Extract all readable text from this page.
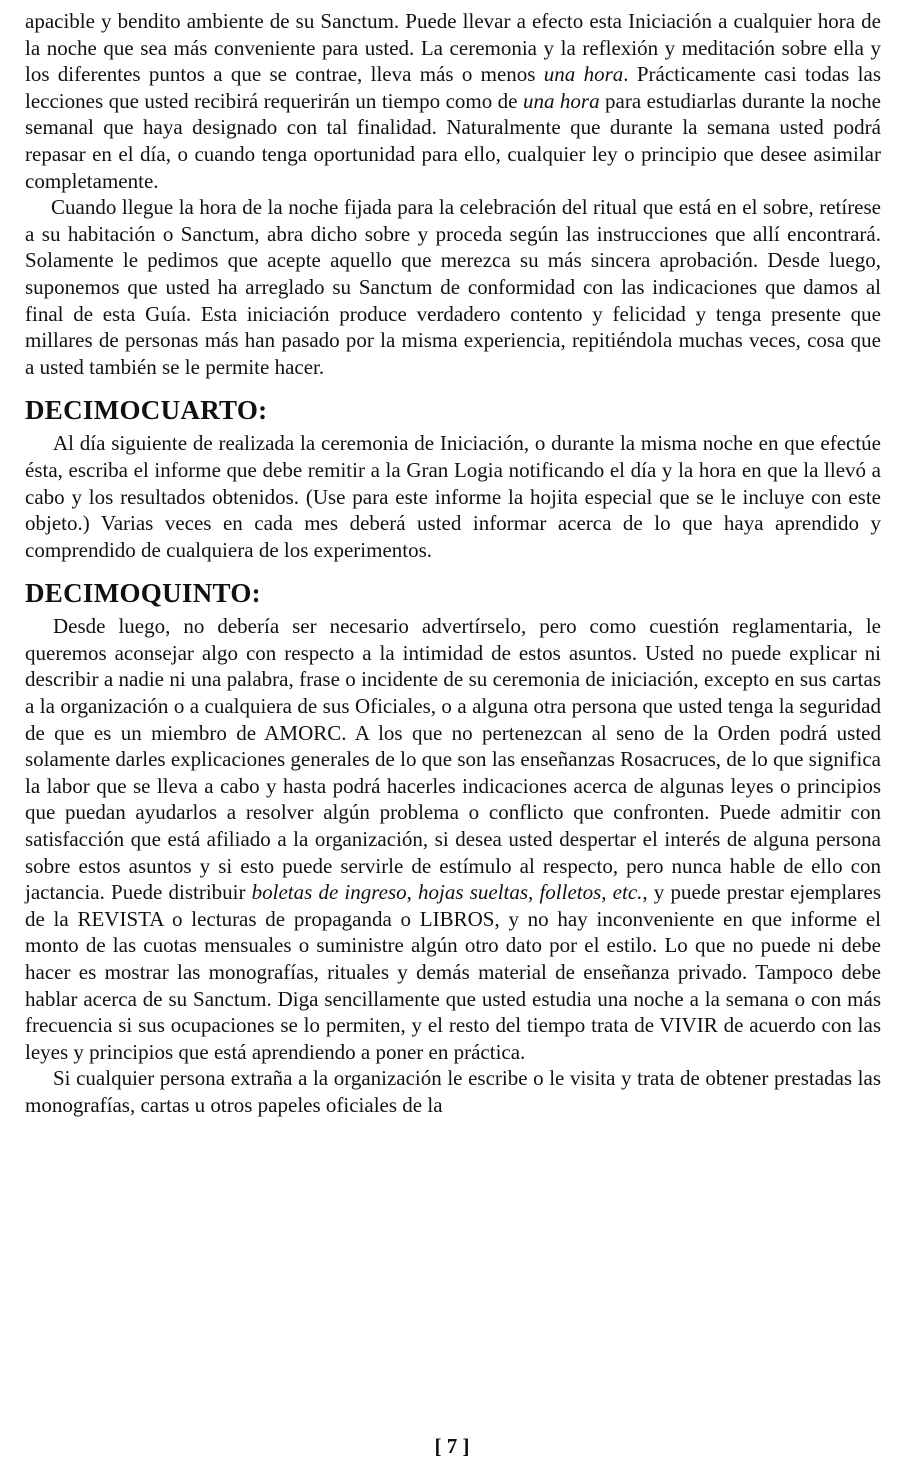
apacible y bendito ambiente de su Sanctum. Puede llevar a efecto esta Iniciación a cualquier hora de la noche que sea más conveniente para usted. La ceremonia y la reflexión y meditación sobre ella y los diferentes puntos a que se contrae, lleva más o menos una hora. Prácticamente casi todas las lecciones que usted recibirá requerirán un tiempo como de una hora para estudiarlas durante la noche semanal que haya designado con tal finalidad. Naturalmente que durante la semana usted podrá repasar en el día, o cuando tenga oportunidad para ello, cualquier ley o principio que desee asimilar completamente.

Cuando llegue la hora de la noche fijada para la celebración del ritual que está en el sobre, retírese a su habitación o Sanctum, abra dicho sobre y proceda según las instrucciones que allí encontrará. Solamente le pedimos que acepte aquello que merezca su más sincera aprobación. Desde luego, suponemos que usted ha arreglado su Sanctum de conformidad con las indicaciones que damos al final de esta Guía. Esta iniciación produce verdadero contento y felicidad y tenga presente que millares de personas más han pasado por la misma experiencia, repitiéndola muchas veces, cosa que a usted también se le permite hacer.

DECIMOCUARTO:

Al día siguiente de realizada la ceremonia de Iniciación, o durante la misma noche en que efectúe ésta, escriba el informe que debe remitir a la Gran Logia notificando el día y la hora en que la llevó a cabo y los resultados obtenidos. (Use para este informe la hojita especial que se le incluye con este objeto.) Varias veces en cada mes deberá usted informar acerca de lo que haya aprendido y comprendido de cualquiera de los experimentos.

DECIMOQUINTO:

Desde luego, no debería ser necesario advertírselo, pero como cuestión reglamentaria, le queremos aconsejar algo con respecto a la intimidad de estos asuntos. Usted no puede explicar ni describir a nadie ni una palabra, frase o incidente de su ceremonia de iniciación, excepto en sus cartas a la organización o a cualquiera de sus Oficiales, o a alguna otra persona que usted tenga la seguridad de que es un miembro de AMORC. A los que no pertenezcan al seno de la Orden podrá usted solamente darles explicaciones generales de lo que son las enseñanzas Rosacruces, de lo que significa la labor que se lleva a cabo y hasta podrá hacerles indicaciones acerca de algunas leyes o principios que puedan ayudarlos a resolver algún problema o conflicto que confronten. Puede admitir con satisfacción que está afiliado a la organización, si desea usted despertar el interés de alguna persona sobre estos asuntos y si esto puede servirle de estímulo al respecto, pero nunca hable de ello con jactancia. Puede distribuir boletas de ingreso, hojas sueltas, folletos, etc., y puede prestar ejemplares de la REVISTA o lecturas de propaganda o LIBROS, y no hay inconveniente en que informe el monto de las cuotas mensuales o suministre algún otro dato por el estilo. Lo que no puede ni debe hacer es mostrar las monografías, rituales y demás material de enseñanza privado. Tampoco debe hablar acerca de su Sanctum. Diga sencillamente que usted estudia una noche a la semana o con más frecuencia si sus ocupaciones se lo permiten, y el resto del tiempo trata de VIVIR de acuerdo con las leyes y principios que está aprendiendo a poner en práctica.

Si cualquier persona extraña a la organización le escribe o le visita y trata de obtener prestadas las monografías, cartas u otros papeles oficiales de la

[ 7 ]
